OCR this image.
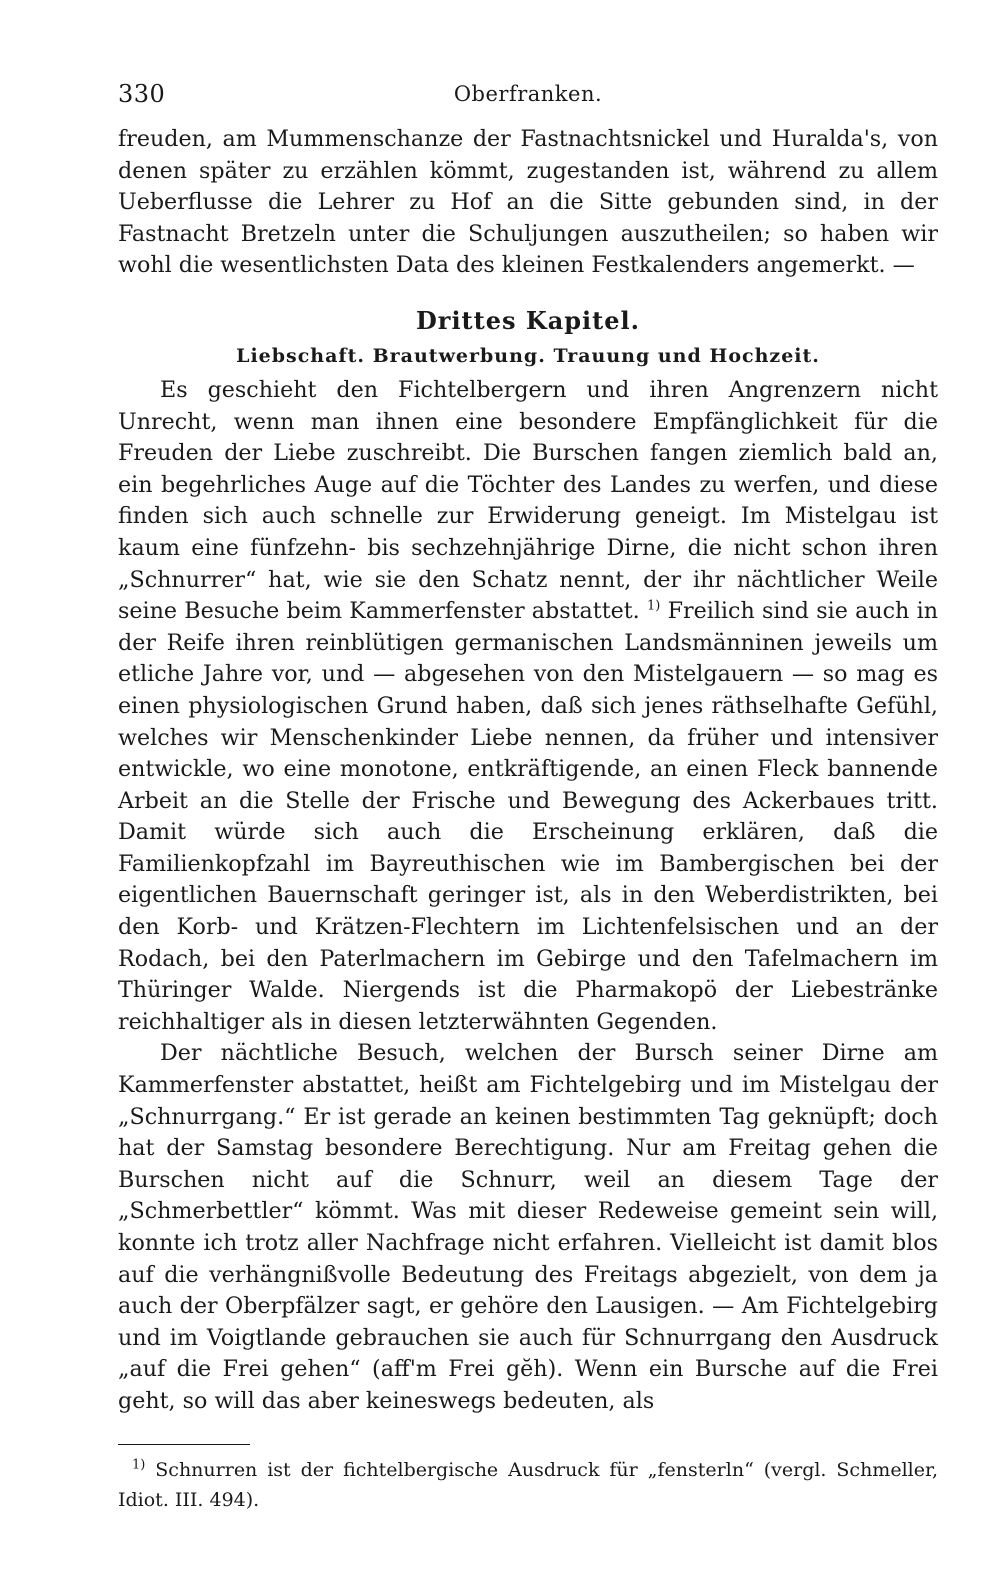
330	Oberfranken.

freuden, am Mummenschanze der Fastnachtsnickel und Huralda's, von denen später zu erzählen kömmt, zugestanden ist, während zu allem Ueberflusse die Lehrer zu Hof an die Sitte gebunden sind, in der Fastnacht Bretzeln unter die Schuljungen auszutheilen; so haben wir wohl die wesentlichsten Data des kleinen Festkalenders angemerkt. —

Drittes Kapitel.
Liebschaft. Brautwerbung. Trauung und Hochzeit.

Es geschieht den Fichtelbergern und ihren Angrenzern nicht Unrecht, wenn man ihnen eine besondere Empfänglichkeit für die Freuden der Liebe zuschreibt. Die Burschen fangen ziemlich bald an, ein begehrliches Auge auf die Töchter des Landes zu werfen, und diese finden sich auch schnelle zur Erwiderung geneigt. Im Mistelgau ist kaum eine fünfzehn- bis sechzehnjährige Dirne, die nicht schon ihren „Schnurrer“ hat, wie sie den Schatz nennt, der ihr nächtlicher Weile seine Besuche beim Kammerfenster abstattet. $^{1)}$ Freilich sind sie auch in der Reife ihren reinblütigen germanischen Landsmänninen jeweils um etliche Jahre vor, und — abgesehen von den Mistelgauern — so mag es einen physiologischen Grund haben, daß sich jenes räthselhafte Gefühl, welches wir Menschenkinder Liebe nennen, da früher und intensiver entwickle, wo eine monotone, entkräftigende, an einen Fleck bannende Arbeit an die Stelle der Frische und Bewegung des Ackerbaues tritt. Damit würde sich auch die Erscheinung erklären, daß die Familienkopfzahl im Bayreuthischen wie im Bambergischen bei der eigentlichen Bauernschaft geringer ist, als in den Weberdistrikten, bei den Korb- und Krätzen-Flechtern im Lichtenfelsischen und an der Rodach, bei den Paterlmachern im Gebirge und den Tafelmachern im Thüringer Walde. Niergends ist die Pharmakopö der Liebestränke reichhaltiger als in diesen letzterwähnten Gegenden.

Der nächtliche Besuch, welchen der Bursch seiner Dirne am Kammerfenster abstattet, heißt am Fichtelgebirg und im Mistelgau der „Schnurrgang.“ Er ist gerade an keinen bestimmten Tag geknüpft; doch hat der Samstag besondere Berechtigung. Nur am Freitag gehen die Burschen nicht auf die Schnurr, weil an diesem Tage der „Schmerbettler“ kömmt. Was mit dieser Redeweise gemeint sein will, konnte ich trotz aller Nachfrage nicht erfahren. Vielleicht ist damit blos auf die verhängnißvolle Bedeutung des Freitags abgezielt, von dem ja auch der Oberpfälzer sagt, er gehöre den Lausigen. — Am Fichtelgebirg und im Voigtlande gebrauchen sie auch für Schnurrgang den Ausdruck „auf die Frei gehen“ (aff'm Frei gĕh). Wenn ein Bursche auf die Frei geht, so will das aber keineswegs bedeuten, als

$^{1)}$ Schnurren ist der fichtelbergische Ausdruck für „fensterln“ (vergl. Schmeller, Idiot. III. 494).
